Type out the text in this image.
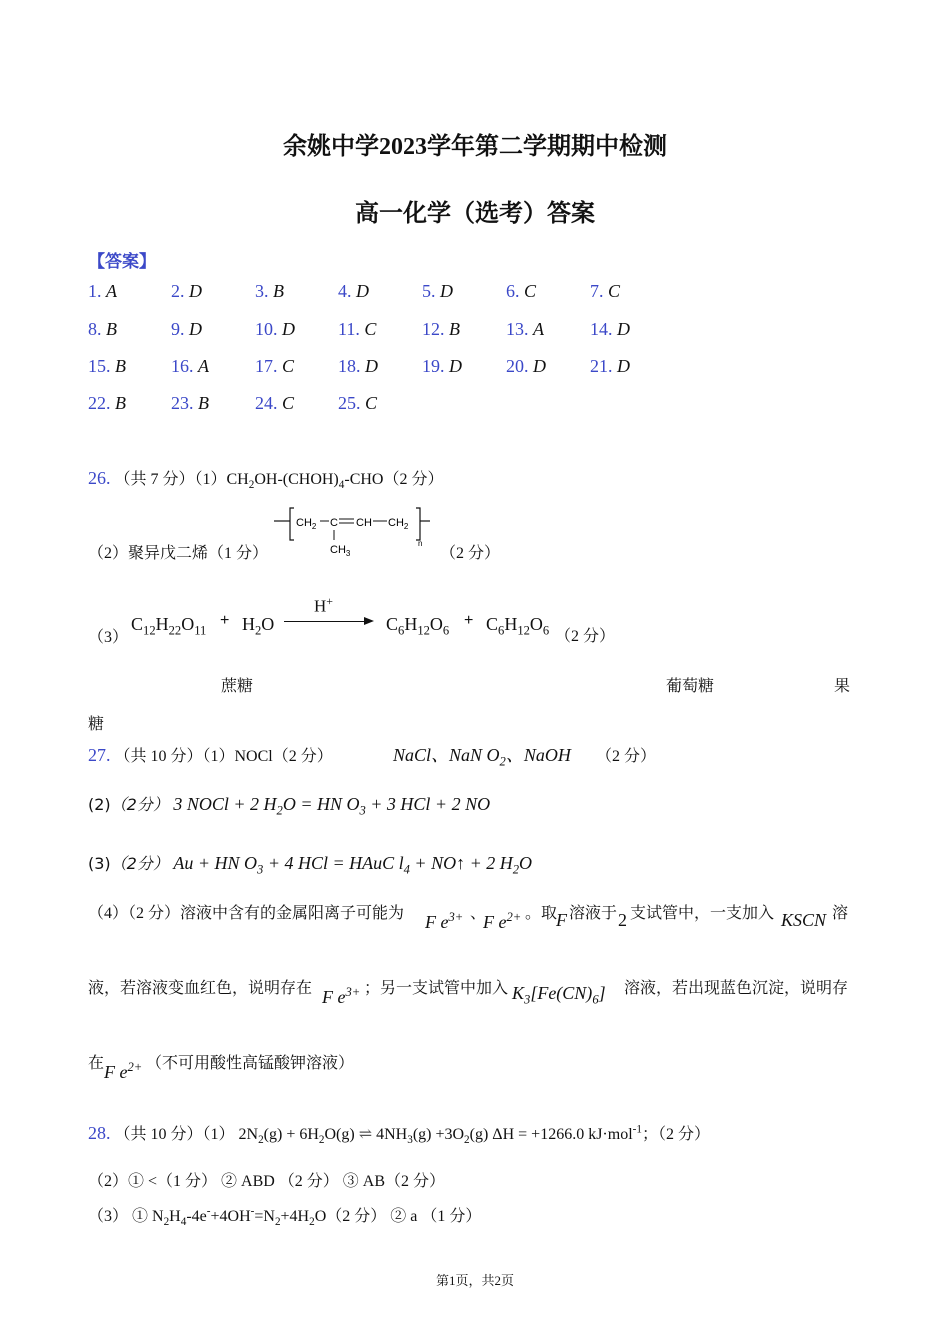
余姚中学2023学年第二学期期中检测
高一化学（选考）答案
【答案】
1. A	2. D	3. B	4. D	5. D	6. C	7. C
8. B	9. D	10. D 11. C	12. B	13. A	14. D
15. B	16. A	17. C 18. D 19. D 20. D 21. D
22. B	23. B	24. C 25. C
26. （共 7 分）$(1)CH_2OH-(CHOH)_4-CHO(2$ 分）
（2）聚异戊二烯（1 分）
$CH_2$ C CH $CH_2$
n
$CH_3$	（2 分）
（3）
$C_{12}H_{22}O_{11}$
+ $H_2O$
H+
$C_6H_{12}O_6$
+ $C_6H_{12}O_6$ （2 分）
蔗糖	葡萄糖	果
糖
27. （共 10 分）（1）NOCl（2 分）	NaCl、NaN $O_2$、NaOH （2 分）
(2)（2分） 3 NOCl + 2 $H_2O$ = HN $O_3 + 3$ HCl + 2 NO
(3)（2分） Au + HN $O_3 + 4$ HCl = HAuC $l_4$ + NO↑ + 2 $H_2O$
（4）（2 分）溶液中含有的金属阳离子可能为 F $e^{3+}$ 、
F $e^{2+}$ 。取
F 溶液于 2 支试管中，一支加入 KSCN 溶
液，若溶液变血红色，说明存在 F $e^{3+}$ ；另一支试管中加入 $K_3[Fe(CN)_6]$ 溶液，若出现蓝色沉淀，说明存
在 F $e^{2+}$ （不可用酸性高锰酸钾溶液）
28. （共 10 分）（1） $2N_2(g) + 6H_2O(g)$ ⇌ $4NH_3(g) +3O_2(g) \Delta H = +1266.0$ kJ·mol$^{-1}$；（2 分）
（2）① <（1 分） ② ABD （2 分） ③ AB（2 分）
（3） ① $N_2H_4-4e^-+4OH^-=N_2+4H_2O(2$ 分） ② a （1 分）
第1页，共2页
